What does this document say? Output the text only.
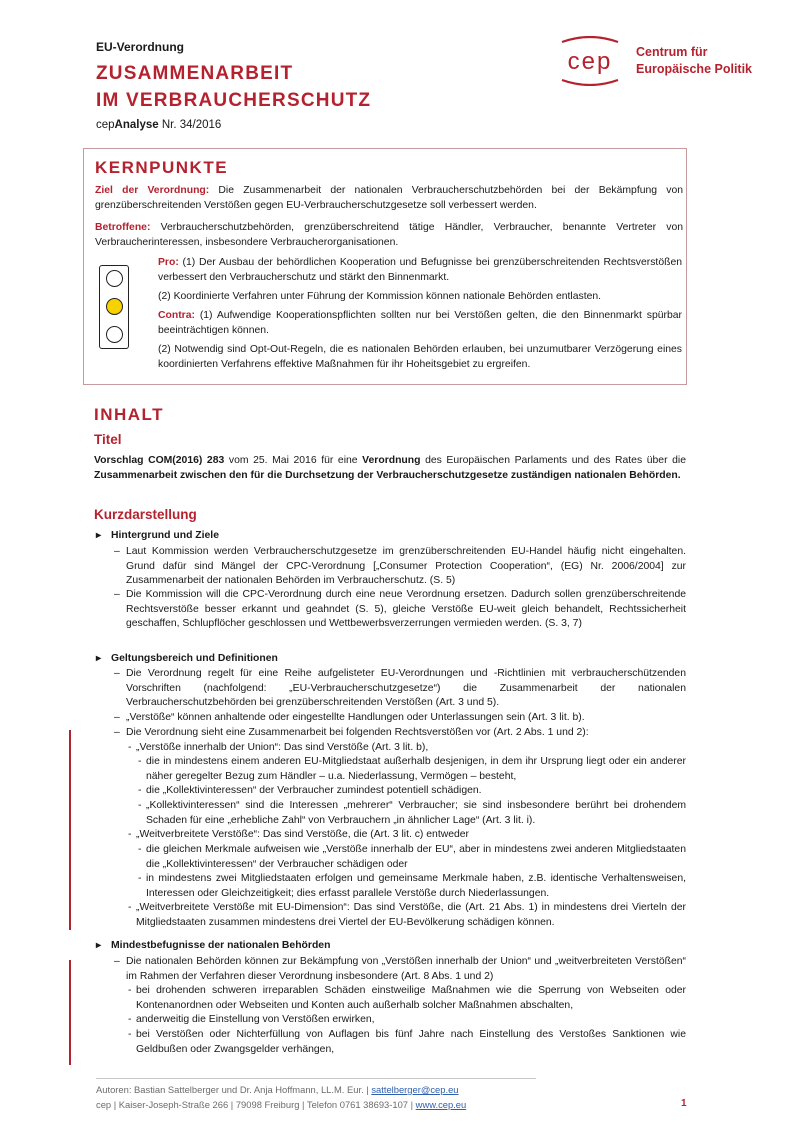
EU-Verordnung
ZUSAMMENARBEIT
IM VERBRAUCHERSCHUTZ
cepAnalyse Nr. 34/2016
cep Centrum für
Europäische Politik
KERNPUNKTE
Ziel der Verordnung: Die Zusammenarbeit der nationalen Verbraucherschutzbehörden bei der Bekämpfung von grenzüberschreitenden Verstößen gegen EU-Verbraucherschutzgesetze soll verbessert werden.
Betroffene: Verbraucherschutzbehörden, grenzüberschreitend tätige Händler, Verbraucher, benannte Vertreter von Verbraucherinteressen, insbesondere Verbraucherorganisationen.
Pro: (1) Der Ausbau der behördlichen Kooperation und Befugnisse bei grenzüberschreitenden Rechtsverstößen verbessert den Verbraucherschutz und stärkt den Binnenmarkt.
(2) Koordinierte Verfahren unter Führung der Kommission können nationale Behörden entlasten.
Contra: (1) Aufwendige Kooperationspflichten sollten nur bei Verstößen gelten, die den Binnenmarkt spürbar beeinträchtigen können.
(2) Notwendig sind Opt-Out-Regeln, die es nationalen Behörden erlauben, bei unzumutbarer Verzögerung eines koordinierten Verfahrens effektive Maßnahmen für ihr Hoheitsgebiet zu ergreifen.
INHALT
Titel
Vorschlag COM(2016) 283 vom 25. Mai 2016 für eine Verordnung des Europäischen Parlaments und des Rates über die Zusammenarbeit zwischen den für die Durchsetzung der Verbraucherschutzgesetze zuständigen nationalen Behörden.
Kurzdarstellung
▸ Hintergrund und Ziele
– Laut Kommission werden Verbraucherschutzgesetze im grenzüberschreitenden EU-Handel häufig nicht eingehalten. Grund dafür sind Mängel der CPC-Verordnung [„Consumer Protection Cooperation“, (EG) Nr. 2006/2004] zur Zusammenarbeit der nationalen Behörden im Verbraucherschutz. (S. 5)
– Die Kommission will die CPC-Verordnung durch eine neue Verordnung ersetzen. Dadurch sollen grenzüberschreitende Rechtsverstöße besser erkannt und geahndet (S. 5), gleiche Verstöße EU-weit gleich behandelt, Rechtssicherheit geschaffen, Schlupflöcher geschlossen und Wettbewerbsverzerrungen vermieden werden. (S. 3, 7)
▸ Geltungsbereich und Definitionen
– Die Verordnung regelt für eine Reihe aufgelisteter EU-Verordnungen und -Richtlinien mit verbraucherschützenden Vorschriften (nachfolgend: „EU-Verbraucherschutzgesetze“) die Zusammenarbeit der nationalen Verbraucherschutzbehörden bei grenzüberschreitenden Verstößen (Art. 3 und 5).
– „Verstöße“ können anhaltende oder eingestellte Handlungen oder Unterlassungen sein (Art. 3 lit. b).
– Die Verordnung sieht eine Zusammenarbeit bei folgenden Rechtsverstößen vor (Art. 2 Abs. 1 und 2):
- „Verstöße innerhalb der Union“: Das sind Verstöße (Art. 3 lit. b),
- die in mindestens einem anderen EU-Mitgliedstaat außerhalb desjenigen, in dem ihr Ursprung liegt oder ein anderer näher geregelter Bezug zum Händler – u.a. Niederlassung, Vermögen – besteht,
- die „Kollektivinteressen“ der Verbraucher zumindest potentiell schädigen.
- „Kollektivinteressen“ sind die Interessen „mehrerer“ Verbraucher; sie sind insbesondere berührt bei drohendem Schaden für eine „erhebliche Zahl“ von Verbrauchern „in ähnlicher Lage“ (Art. 3 lit. i).
- „Weitverbreitete Verstöße“: Das sind Verstöße, die (Art. 3 lit. c) entweder
- die gleichen Merkmale aufweisen wie „Verstöße innerhalb der EU“, aber in mindestens zwei anderen Mitgliedstaaten die „Kollektivinteressen“ der Verbraucher schädigen oder
- in mindestens zwei Mitgliedstaaten erfolgen und gemeinsame Merkmale haben, z.B. identische Verhaltensweisen, Interessen oder Gleichzeitigkeit; dies erfasst parallele Verstöße durch Niederlassungen.
- „Weitverbreitete Verstöße mit EU-Dimension“: Das sind Verstöße, die (Art. 21 Abs. 1) in mindestens drei Vierteln der Mitgliedstaaten zusammen mindestens drei Viertel der EU-Bevölkerung schädigen können.
▸ Mindestbefugnisse der nationalen Behörden
– Die nationalen Behörden können zur Bekämpfung von „Verstößen innerhalb der Union“ und „weitverbreiteten Verstößen“ im Rahmen der Verfahren dieser Verordnung insbesondere (Art. 8 Abs. 1 und 2)
- bei drohenden schweren irreparablen Schäden einstweilige Maßnahmen wie die Sperrung von Webseiten oder Kontenanordnen oder Webseiten und Konten auch außerhalb solcher Maßnahmen abschalten,
- anderweitig die Einstellung von Verstößen erwirken,
- bei Verstößen oder Nichterfüllung von Auflagen bis fünf Jahre nach Einstellung des Verstoßes Sanktionen wie Geldbußen oder Zwangsgelder verhängen,
Autoren: Bastian Sattelberger und Dr. Anja Hoffmann, LL.M. Eur. | sattelberger@cep.eu
cep | Kaiser-Joseph-Straße 266 | 79098 Freiburg | Telefon 0761 38693-107 | www.cep.eu	1
